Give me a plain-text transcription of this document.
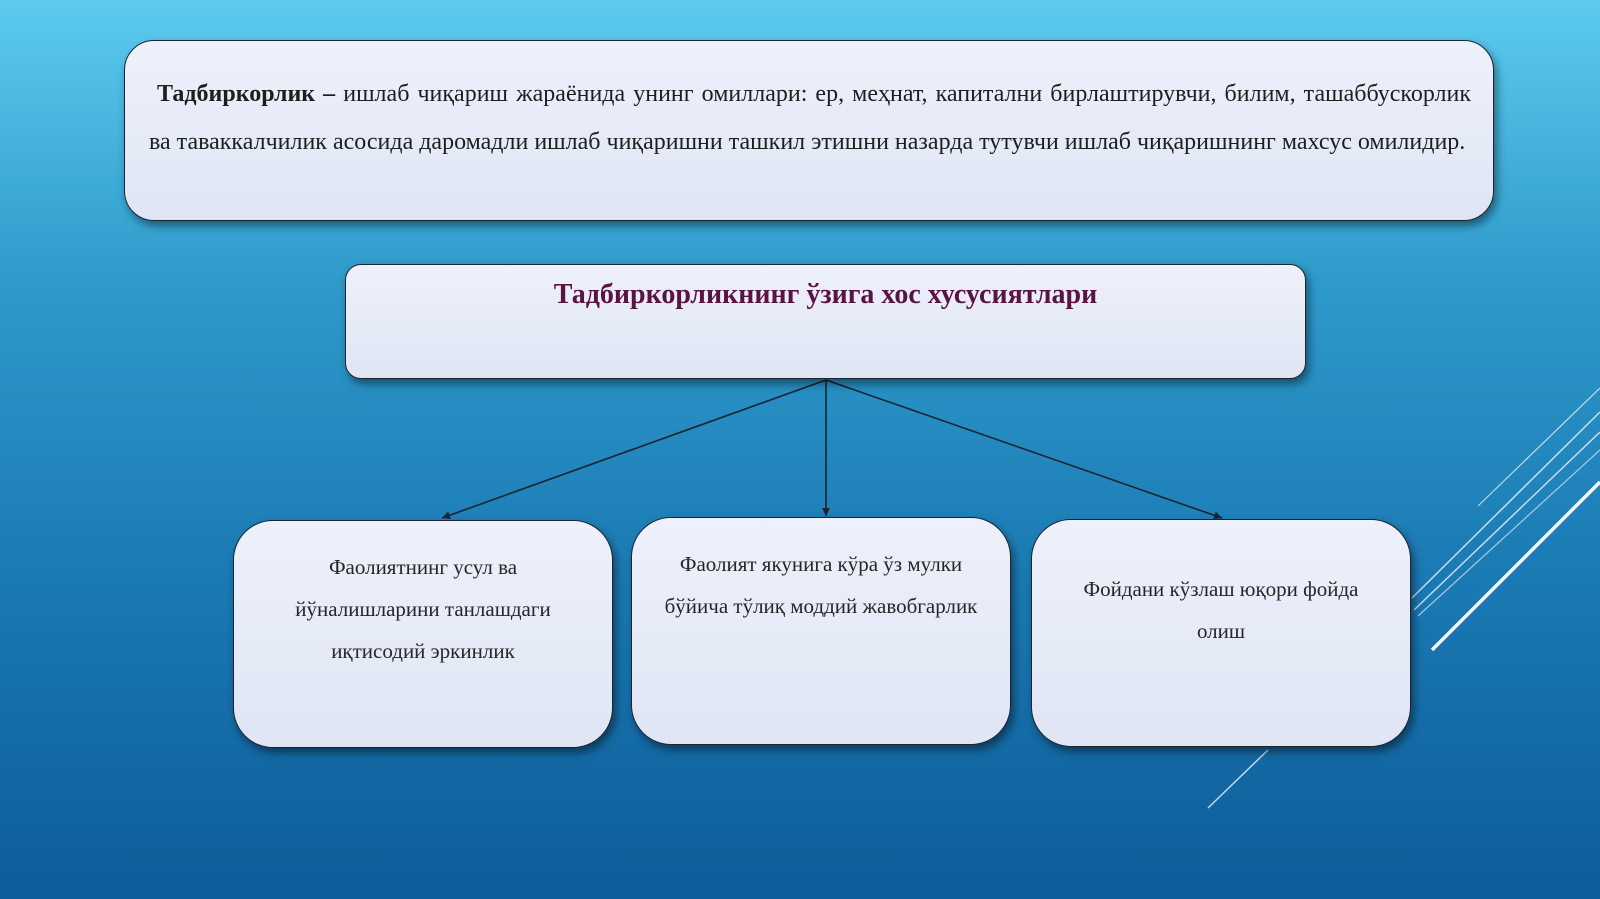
Тадбиркорлик – ишлаб чиқариш жараёнида унинг омиллари: ер, меҳнат, капитални бирлаштирувчи, билим, ташаббускорлик ва таваккалчилик асосида даромадли ишлаб чиқаришни ташкил этишни назарда тутувчи ишлаб чиқаришнинг махсус омилидир.
Тадбиркорликнинг ўзига хос хусусиятлари
Фаолиятнинг усул ва йўналишларини танлашдаги иқтисодий эркинлик
Фаолият якунига кўра ўз мулки бўйича тўлиқ моддий жавобгарлик
Фойдани кўзлаш юқори фойда олиш
